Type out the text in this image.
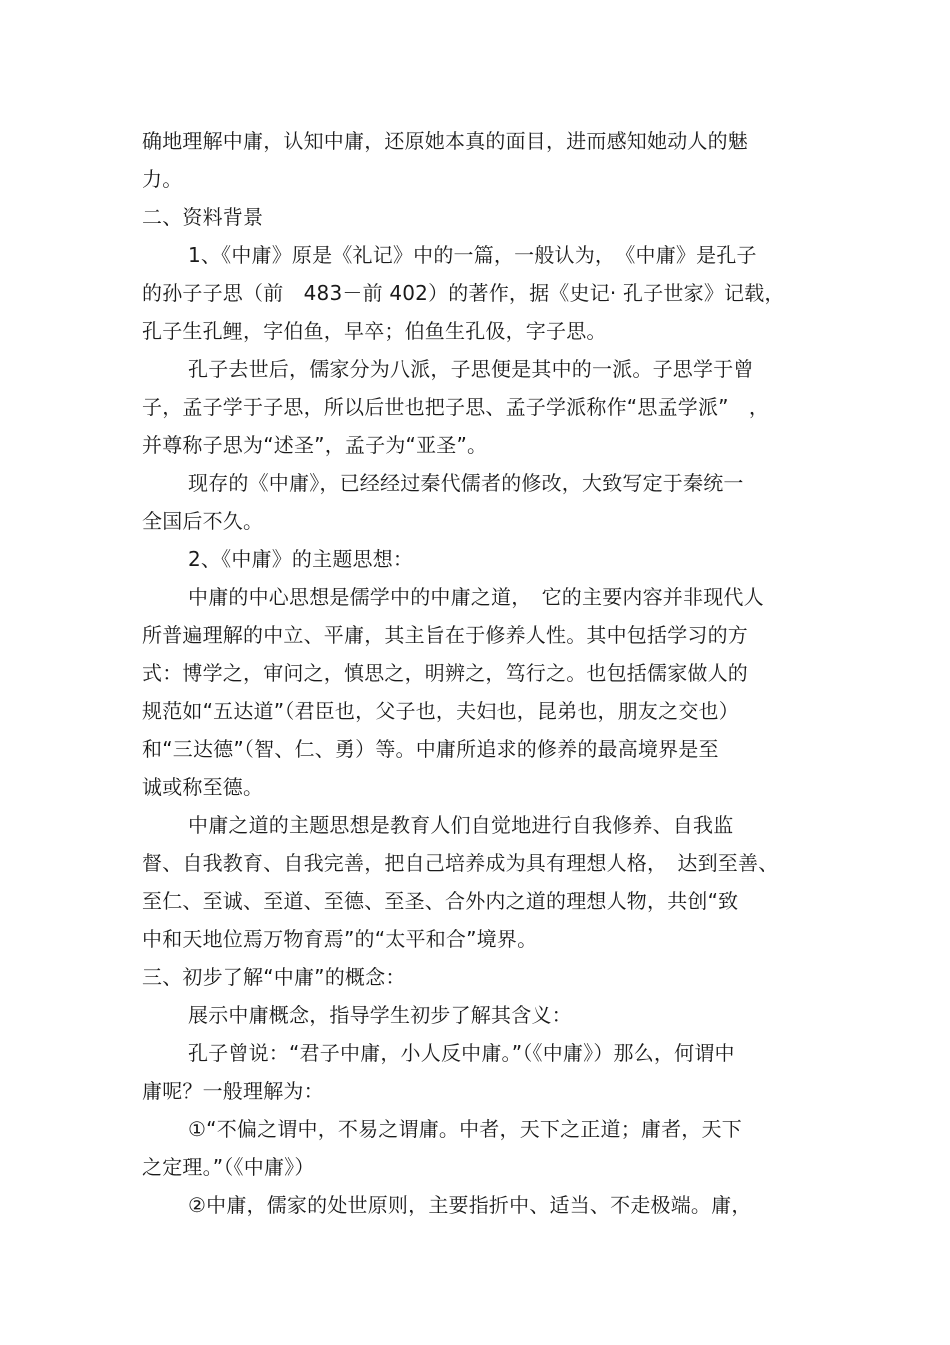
确地理解中庸，认知中庸，还原她本真的面目，进而感知她动人的魅
力。
二、资料背景
1、《中庸》原是《礼记》中的一篇，一般认为，　《中庸》是孔子
的孙子子思（前　483－前 402）的著作，据《史记· 孔子世家》记载，
孔子生孔鲤，字伯鱼，早卒；伯鱼生孔伋，字子思。
孔子去世后，儒家分为八派，子思便是其中的一派。子思学于曾
子，孟子学于子思，所以后世也把子思、孟子学派称作“思孟学派”　，
并尊称子思为“述圣”，孟子为“亚圣”。
现存的《中庸》，已经经过秦代儒者的修改，大致写定于秦统一
全国后不久。
2、《中庸》的主题思想：
中庸的中心思想是儒学中的中庸之道，　它的主要内容并非现代人
所普遍理解的中立、平庸，其主旨在于修养人性。其中包括学习的方
式：博学之，审问之，慎思之，明辨之，笃行之。也包括儒家做人的
规范如“五达道”（君臣也，父子也，夫妇也，昆弟也，朋友之交也）
和“三达德”（智、仁、勇）等。中庸所追求的修养的最高境界是至
诚或称至德。
中庸之道的主题思想是教育人们自觉地进行自我修养、自我监
督、自我教育、自我完善，把自己培养成为具有理想人格，　达到至善、
至仁、至诚、至道、至德、至圣、合外内之道的理想人物，共创“致
中和天地位焉万物育焉”的“太平和合”境界。
三、初步了解“中庸”的概念：
展示中庸概念，指导学生初步了解其含义：
孔子曾说：“君子中庸，小人反中庸。”（《中庸》）那么，何谓中
庸呢？一般理解为：
①“不偏之谓中，不易之谓庸。中者，天下之正道；庸者，天下
之定理。”（《中庸》）
②中庸，儒家的处世原则，主要指折中、适当、不走极端。庸，
